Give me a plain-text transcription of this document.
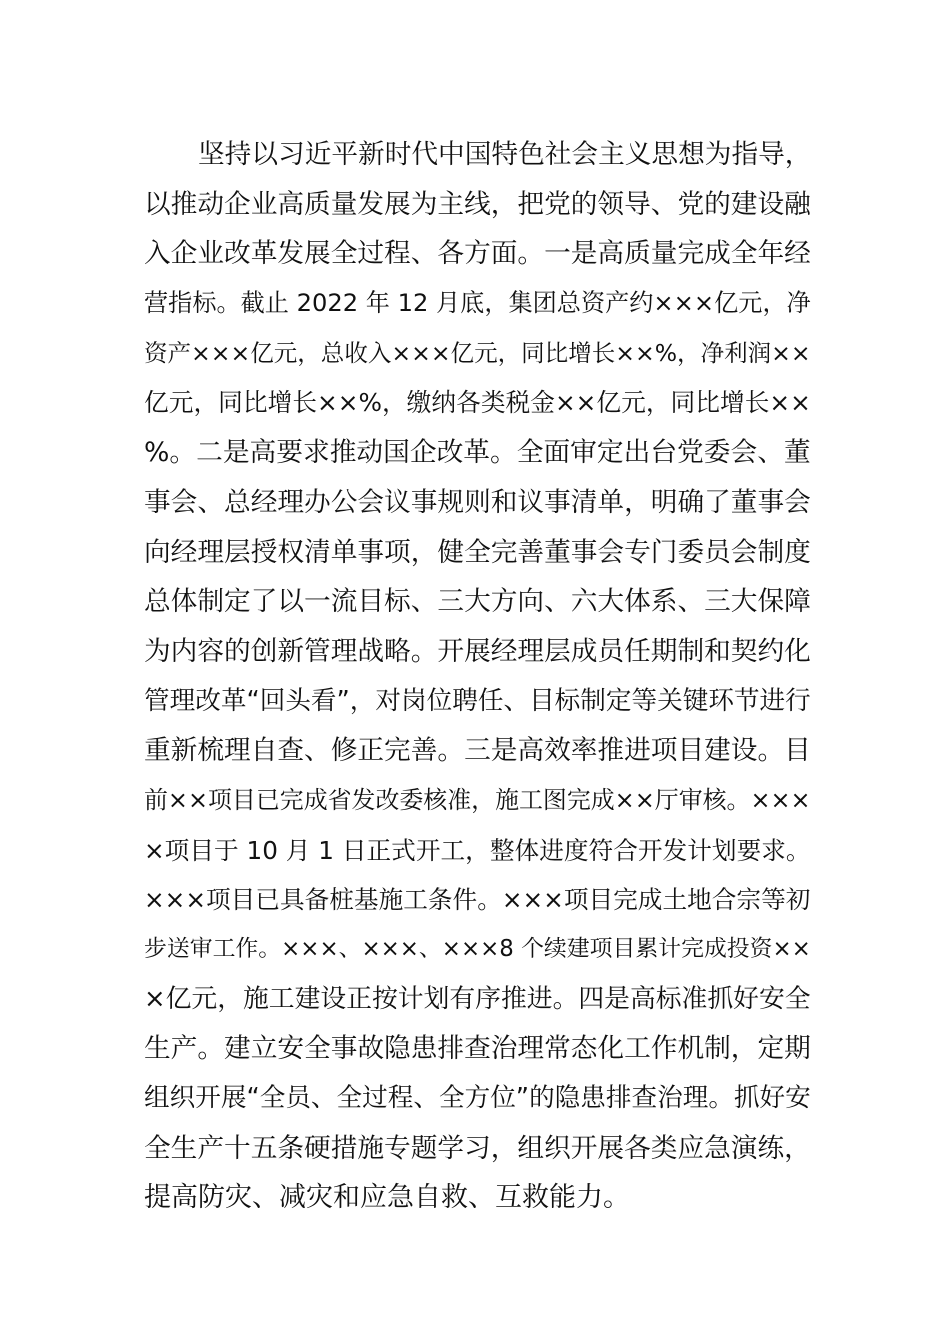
坚持以习近平新时代中国特色社会主义思想为指导，
以推动企业高质量发展为主线，把党的领导、党的建设融
入企业改革发展全过程、各方面。一是高质量完成全年经
营指标。截止 2022 年 12 月底，集团总资产约×××亿元，净
资产×××亿元，总收入×××亿元，同比增长××%，净利润××
亿元，同比增长××%，缴纳各类税金××亿元，同比增长××
%。二是高要求推动国企改革。全面审定出台党委会、董
事会、总经理办公会议事规则和议事清单，明确了董事会
向经理层授权清单事项，健全完善董事会专门委员会制度
总体制定了以一流目标、三大方向、六大体系、三大保障
为内容的创新管理战略。开展经理层成员任期制和契约化
管理改革“回头看”，对岗位聘任、目标制定等关键环节进行
重新梳理自查、修正完善。三是高效率推进项目建设。目
前××项目已完成省发改委核准，施工图完成××厅审核。×××
×项目于 10 月 1 日正式开工，整体进度符合开发计划要求。
×××项目已具备桩基施工条件。×××项目完成土地合宗等初
步送审工作。×××、×××、×××8 个续建项目累计完成投资××
×亿元，施工建设正按计划有序推进。四是高标准抓好安全
生产。建立安全事故隐患排查治理常态化工作机制，定期
组织开展“全员、全过程、全方位”的隐患排查治理。抓好安
全生产十五条硬措施专题学习，组织开展各类应急演练，
提高防灾、减灾和应急自救、互救能力。
